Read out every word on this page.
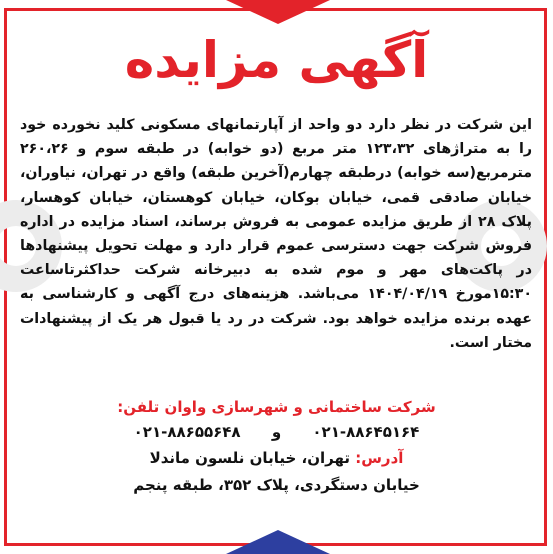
آگهی مزایده
این شرکت در نظر دارد دو واحد از آپارتمانهای مسکونی کلید نخورده خود را به متراژهای ۱۲۳،۳۲ متر مربع (دو خوابه) در طبقه سوم و ۲۶۰،۲۶ مترمربع(سه خوابه) درطبقه چهارم(آخرین طبقه) واقع در تهران، نیاوران، خیابان صادقی قمی، خیابان بوکان، خیابان کوهستان، خیابان کوهسار، پلاک ۲۸ از طریق مزایده عمومی به فروش برساند، اسناد مزایده در اداره فروش شرکت جهت دسترسی عموم قرار دارد و مهلت تحویل پیشنهادها در پاکت‌های مهر و موم شده به دبیرخانه شرکت حداکثرتاساعت ۱۵:۳۰مورخ ۱۴۰۴/۰۴/۱۹ می‌باشد. هزینه‌های درج آگهی و کارشناسی به عهده برنده مزایده خواهد بود. شرکت در رد یا قبول هر یک از پیشنهادات مختار است.
شرکت ساختمانی و شهرسازی واوان تلفن:
۰۲۱-۸۸۶۴۵۱۶۴ و ۰۲۱-۸۸۶۵۵۶۴۸
آدرس: تهران، خیابان نلسون ماندلا
خیابان دستگردی، پلاک ۳۵۲، طبقه پنجم
